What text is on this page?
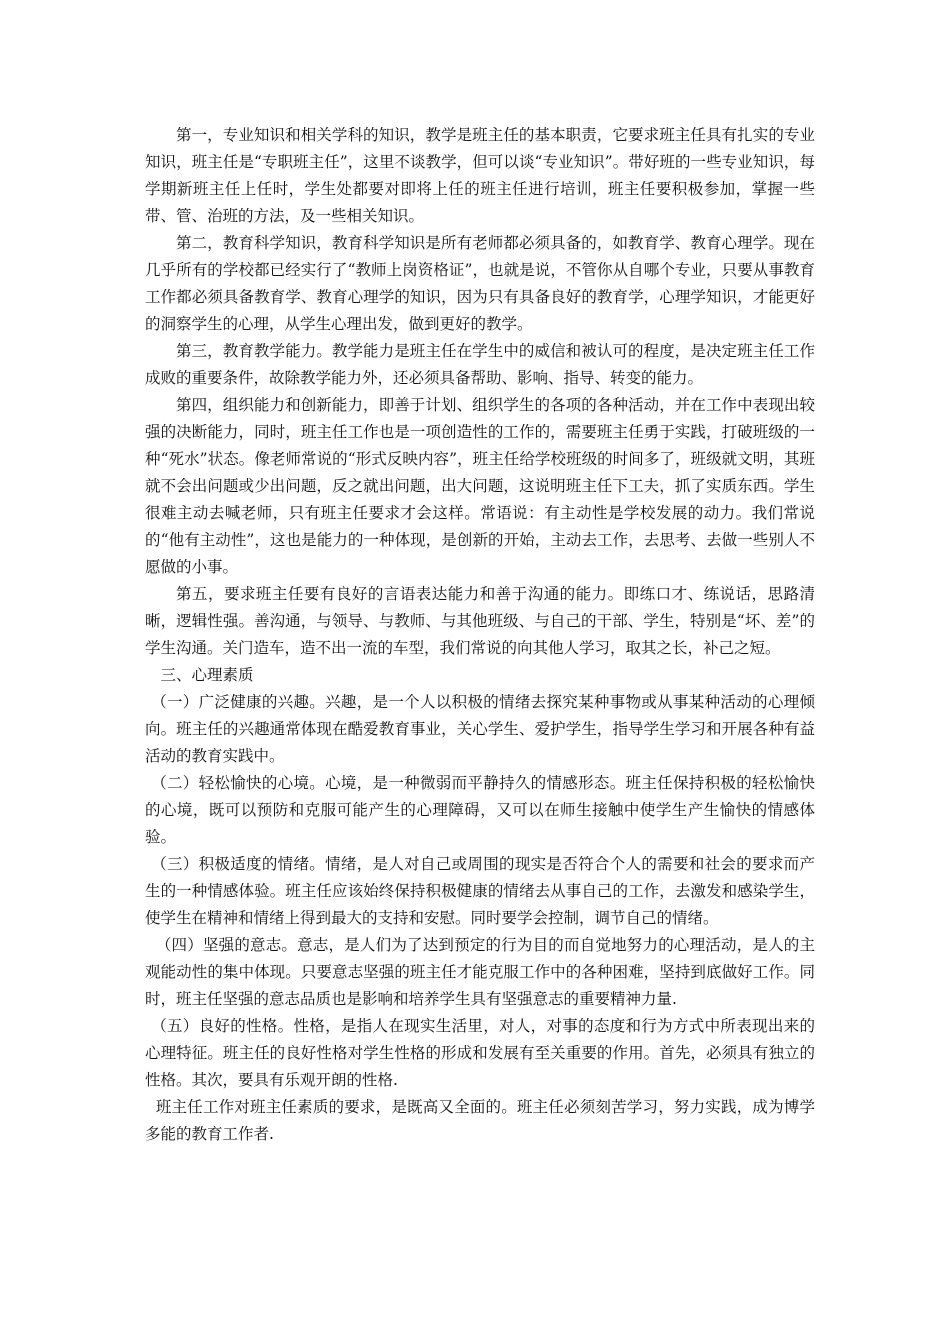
第一，专业知识和相关学科的知识，教学是班主任的基本职责，它要求班主任具有扎实的专业知识，班主任是“专职班主任”，这里不谈教学，但可以谈“专业知识”。带好班的一些专业知识，每学期新班主任上任时，学生处都要对即将上任的班主任进行培训，班主任要积极参加，掌握一些带、管、治班的方法，及一些相关知识。

第二，教育科学知识，教育科学知识是所有老师都必须具备的，如教育学、教育心理学。现在几乎所有的学校都已经实行了“教师上岗资格证”，也就是说，不管你从自哪个专业，只要从事教育工作都必须具备教育学、教育心理学的知识，因为只有具备良好的教育学，心理学知识，才能更好的洞察学生的心理，从学生心理出发，做到更好的教学。

第三，教育教学能力。教学能力是班主任在学生中的威信和被认可的程度，是决定班主任工作成败的重要条件，故除教学能力外，还必须具备帮助、影响、指导、转变的能力。

第四，组织能力和创新能力，即善于计划、组织学生的各项的各种活动，并在工作中表现出较强的决断能力，同时，班主任工作也是一项创造性的工作的，需要班主任勇于实践，打破班级的一种“死水”状态。像老师常说的“形式反映内容”，班主任给学校班级的时间多了，班级就文明，其班就不会出问题或少出问题，反之就出问题，出大问题，这说明班主任下工夫，抓了实质东西。学生很难主动去喊老师，只有班主任要求才会这样。常语说：有主动性是学校发展的动力。我们常说的“他有主动性”，这也是能力的一种体现，是创新的开始，主动去工作，去思考、去做一些别人不愿做的小事。

第五，要求班主任要有良好的言语表达能力和善于沟通的能力。即练口才、练说话，思路清晰，逻辑性强。善沟通，与领导、与教师、与其他班级、与自己的干部、学生，特别是“坏、差”的学生沟通。关门造车，造不出一流的车型，我们常说的向其他人学习，取其之长，补己之短。

三、心理素质

（一）广泛健康的兴趣。兴趣，是一个人以积极的情绪去探究某种事物或从事某种活动的心理倾向。班主任的兴趣通常体现在酷爱教育事业，关心学生、爱护学生，指导学生学习和开展各种有益活动的教育实践中。

（二）轻松愉快的心境。心境，是一种微弱而平静持久的情感形态。班主任保持积极的轻松愉快的心境，既可以预防和克服可能产生的心理障碍，又可以在师生接触中使学生产生愉快的情感体验。

（三）积极适度的情绪。情绪，是人对自己或周围的现实是否符合个人的需要和社会的要求而产生的一种情感体验。班主任应该始终保持积极健康的情绪去从事自己的工作，去激发和感染学生，使学生在精神和情绪上得到最大的支持和安慰。同时要学会控制，调节自己的情绪。

（四）坚强的意志。意志，是人们为了达到预定的行为目的而自觉地努力的心理活动，是人的主观能动性的集中体现。只要意志坚强的班主任才能克服工作中的各种困难，坚持到底做好工作。同时，班主任坚强的意志品质也是影响和培养学生具有坚强意志的重要精神力量.

（五）良好的性格。性格，是指人在现实生活里，对人，对事的态度和行为方式中所表现出来的心理特征。班主任的良好性格对学生性格的形成和发展有至关重要的作用。首先，必须具有独立的性格。其次，要具有乐观开朗的性格.

班主任工作对班主任素质的要求，是既高又全面的。班主任必须刻苦学习，努力实践，成为博学多能的教育工作者.
